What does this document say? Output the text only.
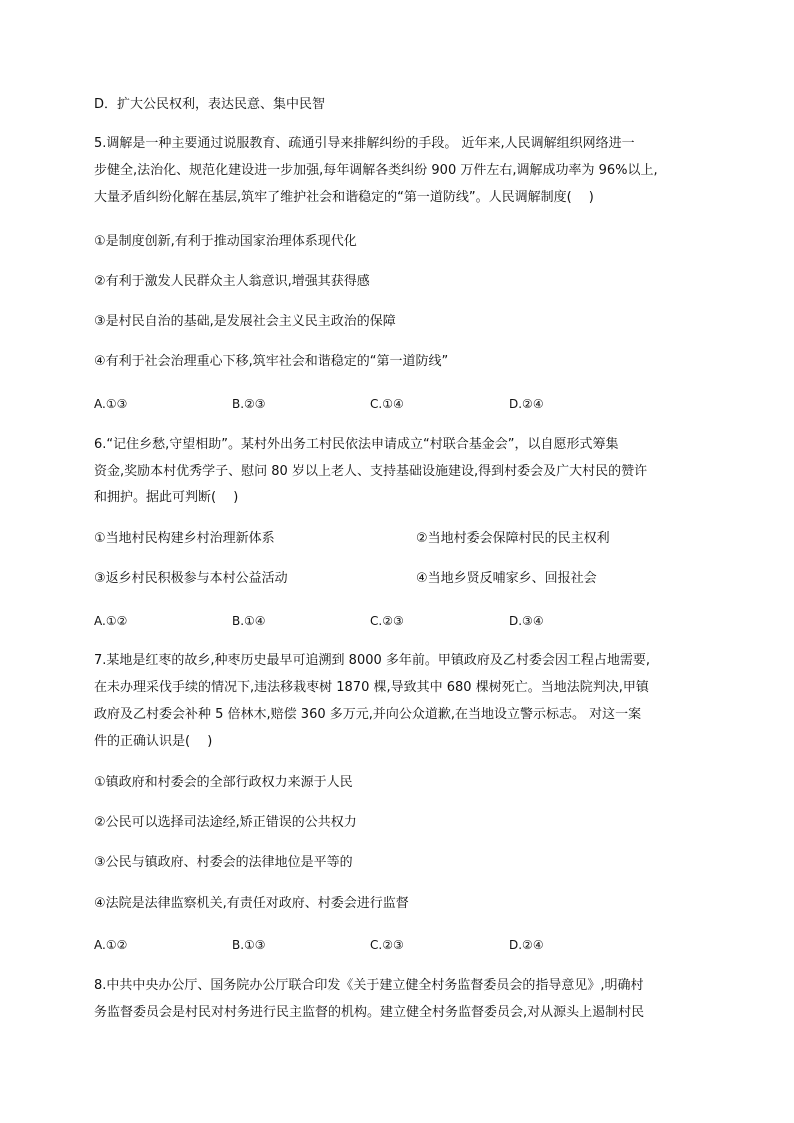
D．扩大公民权利，表达民意、集中民智
5.调解是一种主要通过说服教育、疏通引导来排解纠纷的手段。 近年来,人民调解组织网络进一
步健全,法治化、规范化建设进一步加强,每年调解各类纠纷 900 万件左右,调解成功率为 96%以上,
大量矛盾纠纷化解在基层,筑牢了维护社会和谐稳定的“第一道防线”。人民调解制度(　 )
①是制度创新,有利于推动国家治理体系现代化
②有利于激发人民群众主人翁意识,增强其获得感
③是村民自治的基础,是发展社会主义民主政治的保障
④有利于社会治理重心下移,筑牢社会和谐稳定的“第一道防线”
A.①③	B.②③	C.①④	D.②④
6.“记住乡愁,守望相助”。某村外出务工村民依法申请成立“村联合基金会”，以自愿形式筹集
资金,奖励本村优秀学子、慰问 80 岁以上老人、支持基础设施建设,得到村委会及广大村民的赞许
和拥护。据此可判断(　 )
①当地村民构建乡村治理新体系	②当地村委会保障村民的民主权利
③返乡村民积极参与本村公益活动	④当地乡贤反哺家乡、回报社会
A.①②	B.①④	C.②③	D.③④
7.某地是红枣的故乡,种枣历史最早可追溯到 8000 多年前。甲镇政府及乙村委会因工程占地需要,
在未办理采伐手续的情况下,违法移栽枣树 1870 棵,导致其中 680 棵树死亡。当地法院判决,甲镇
政府及乙村委会补种 5 倍林木,赔偿 360 多万元,并向公众道歉,在当地设立警示标志。 对这一案
件的正确认识是(　 )
①镇政府和村委会的全部行政权力来源于人民
②公民可以选择司法途经,矫正错误的公共权力
③公民与镇政府、村委会的法律地位是平等的
④法院是法律监察机关,有责任对政府、村委会进行监督
A.①②	B.①③	C.②③	D.②④
8.中共中央办公厅、国务院办公厅联合印发《关于建立健全村务监督委员会的指导意见》,明确村
务监督委员会是村民对村务进行民主监督的机构。建立健全村务监督委员会,对从源头上遏制村民
